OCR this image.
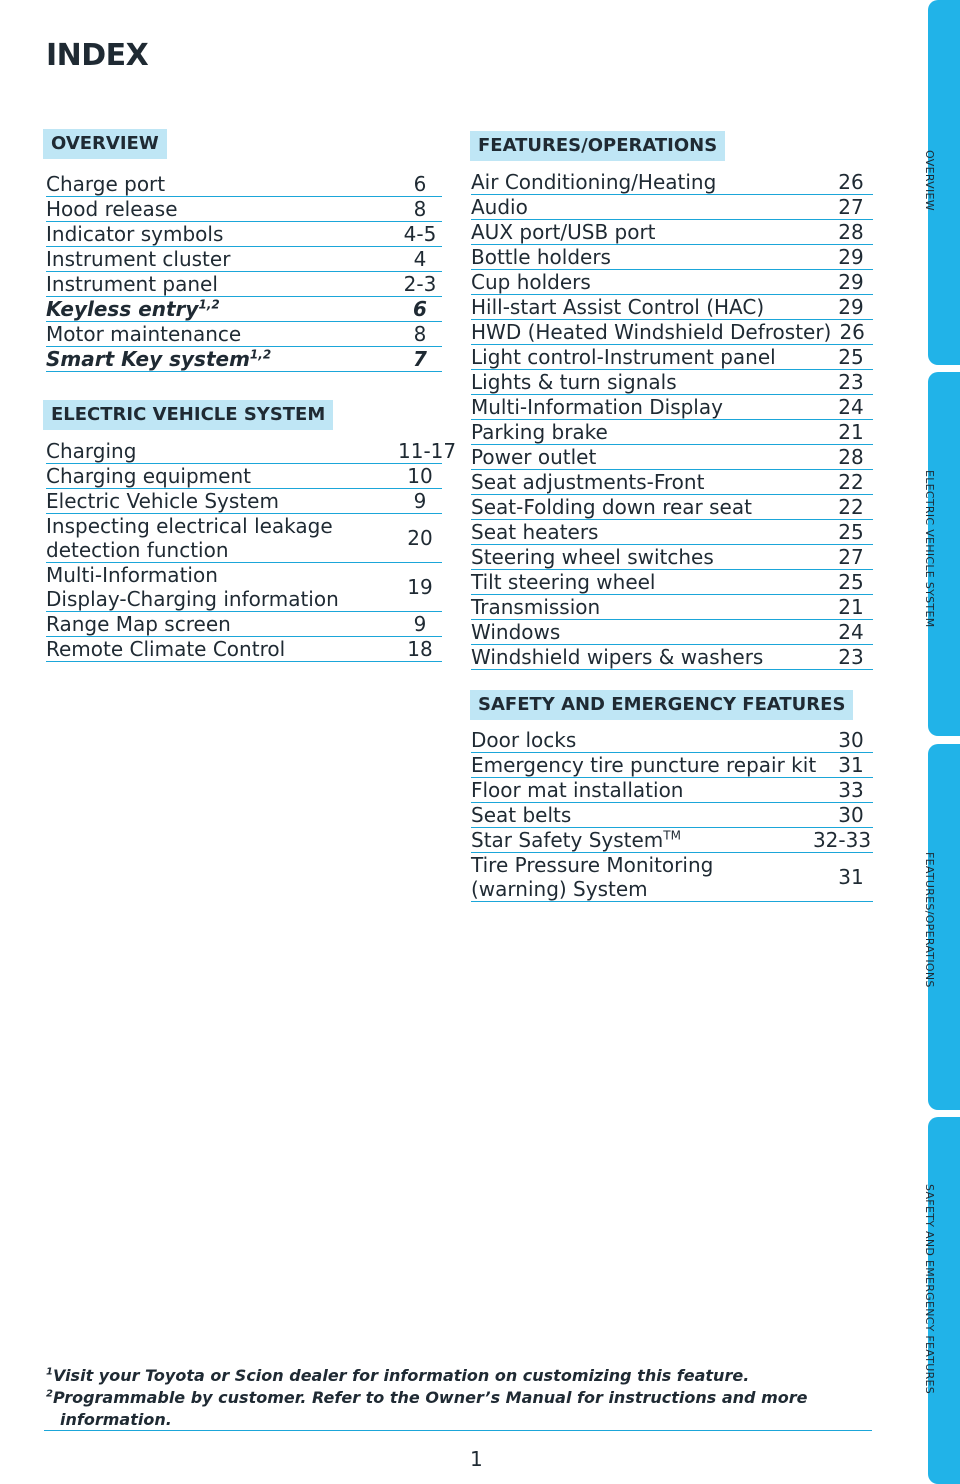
INDEX
OVERVIEW
Charge port	6
Hood release	8
Indicator symbols	4-5
Instrument cluster	4
Instrument panel	2-3
Keyless entry$^{1,2}$	6
Motor maintenance	8
Smart Key system$^{1,2}$	7
ELECTRIC VEHICLE SYSTEM
Charging	11-17
Charging equipment	10
Electric Vehicle System	9
Inspecting electrical leakage
detection function	20
Multi-Information
Display-Charging information	19
Range Map screen	9
Remote Climate Control	18
FEATURES/OPERATIONS
Air Conditioning/Heating	26
Audio	27
AUX port/USB port	28
Bottle holders	29
Cup holders	29
Hill-start Assist Control (HAC)	29
HWD (Heated Windshield Defroster) 26
Light control-Instrument panel	25
Lights & turn signals	23
Multi-Information Display	24
Parking brake	21
Power outlet	28
Seat adjustments-Front	22
Seat-Folding down rear seat	22
Seat heaters	25
Steering wheel switches	27
Tilt steering wheel	25
Transmission	21
Windows	24
Windshield wipers & washers	23
SAFETY AND EMERGENCY FEATURES
Door locks	30
Emergency tire puncture repair kit	31
Floor mat installation	33
Seat belts	30
Star Safety System™	32-33
Tire Pressure Monitoring
(warning) System	31
$^1$Visit your Toyota or Scion dealer for information on customizing this feature.
$^2$Programmable by customer. Refer to the Owner’s Manual for instructions and more information.
1
OVERVIEW
ELECTRIC VEHICLE SYSTEM
FEATURES/OPERATIONS
SAFETY AND EMERGENCY FEATURES
